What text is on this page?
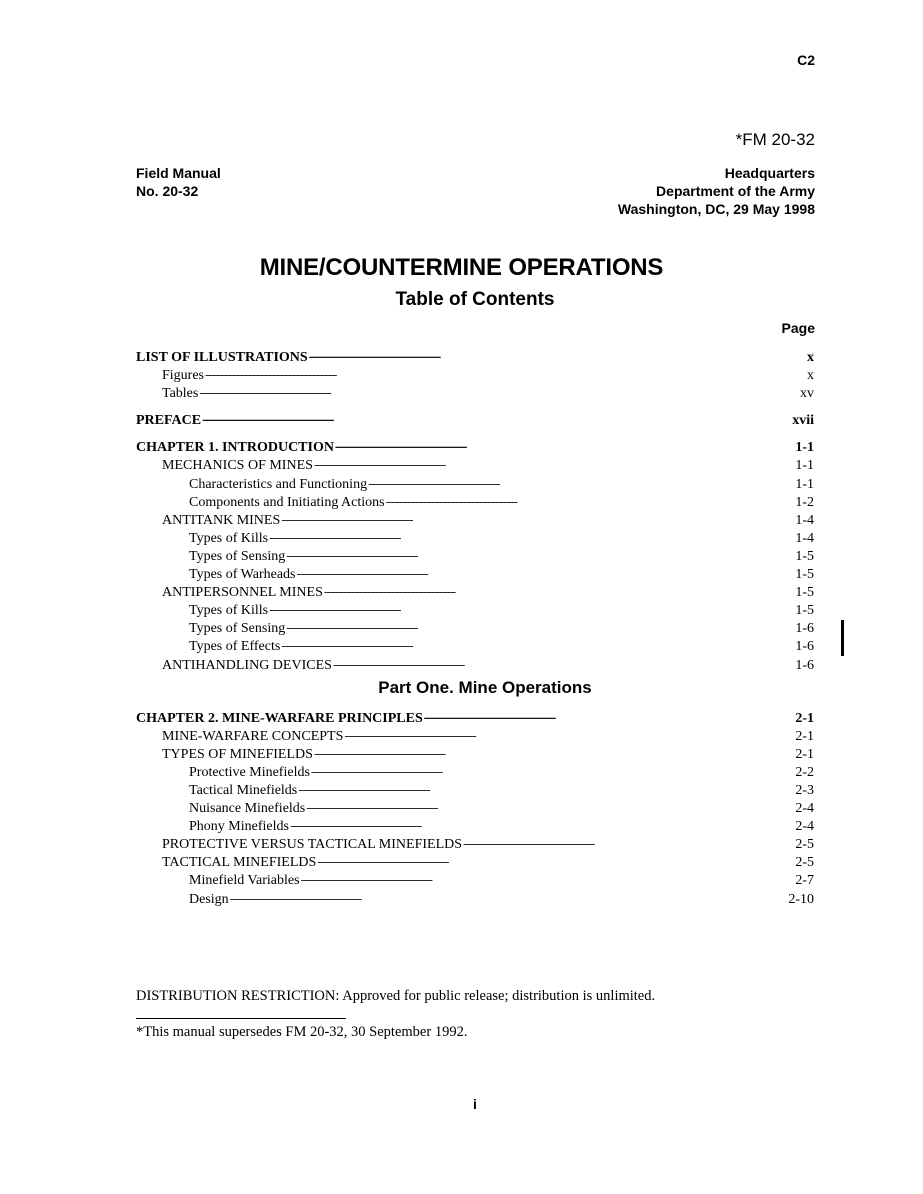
C2
*FM 20-32
Field Manual
No. 20-32
Headquarters
Department of the Army
Washington, DC, 29 May 1998
MINE/COUNTERMINE OPERATIONS
Table of Contents
Page
LIST OF ILLUSTRATIONS . . .	x
Figures . . .	x
Tables . . .	xv
PREFACE . . .	xvii
CHAPTER 1. INTRODUCTION . . .	1-1
MECHANICS OF MINES . . .	1-1
Characteristics and Functioning . . .	1-1
Components and Initiating Actions . . .	1-2
ANTITANK MINES . . .	1-4
Types of Kills . . .	1-4
Types of Sensing . . .	1-5
Types of Warheads . . .	1-5
ANTIPERSONNEL MINES . . .	1-5
Types of Kills . . .	1-5
Types of Sensing . . .	1-6
Types of Effects . . .	1-6
ANTIHANDLING DEVICES . . .	1-6
Part One. Mine Operations
CHAPTER 2. MINE-WARFARE PRINCIPLES . . .	2-1
MINE-WARFARE CONCEPTS . . .	2-1
TYPES OF MINEFIELDS . . .	2-1
Protective Minefields . . .	2-2
Tactical Minefields . . .	2-3
Nuisance Minefields . . .	2-4
Phony Minefields . . .	2-4
PROTECTIVE VERSUS TACTICAL MINEFIELDS . . .	2-5
TACTICAL MINEFIELDS . . .	2-5
Minefield Variables . . .	2-7
Design . . .	2-10
DISTRIBUTION RESTRICTION: Approved for public release; distribution is unlimited.
*This manual supersedes FM 20-32, 30 September 1992.
i
